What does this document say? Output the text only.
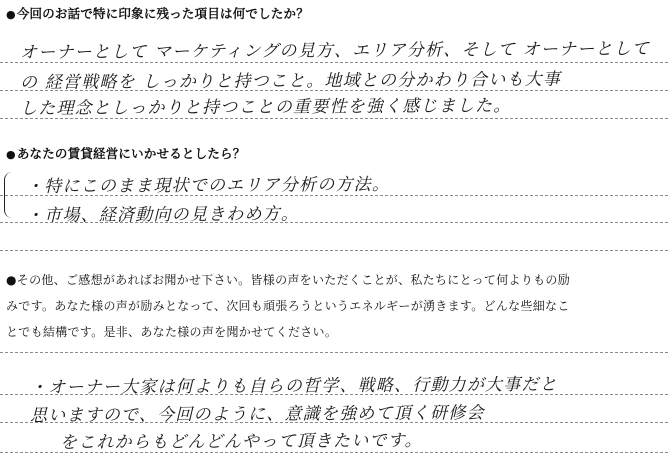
●今回のお話で特に印象に残った項目は何でしたか？
オーナーとして マーケティングの見方、エリア分析、そして オーナーとして
の 経営戦略を しっかりと持つこと。地域との分かわり合いも大事
した理念としっかりと持つことの重要性を強く感じました。
●あなたの賃貸経営にいかせるとしたら？
・特にこのまま現状でのエリア分析の方法。
・市場、経済動向の見きわめ方。
●その他、ご感想があればお聞かせ下さい。皆様の声をいただくことが、私たちにとって何よりもの励
みです。あなた様の声が励みとなって、次回も頑張ろうというエネルギーが湧きます。どんな些細なこ
とでも結構です。是非、あなた様の声を聞かせてください。
・オーナー大家は何よりも自らの哲学、戦略、行動力が大事だと
思いますので、今回のように、意識を強めて頂く研修会
をこれからもどんどんやって頂きたいです。
